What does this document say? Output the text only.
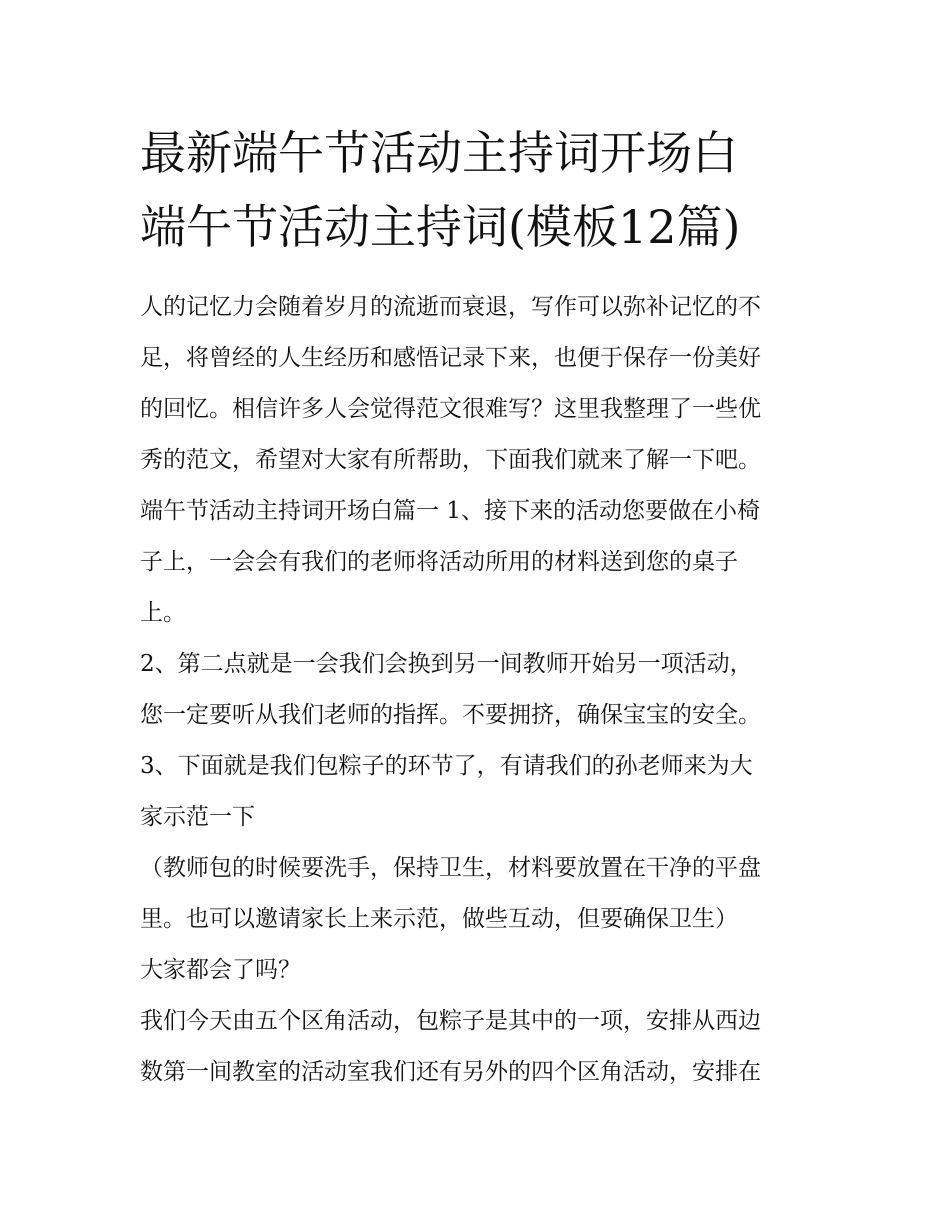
最新端午节活动主持词开场白
端午节活动主持词(模板12篇)

人的记忆力会随着岁月的流逝而衰退，写作可以弥补记忆的不
足，将曾经的人生经历和感悟记录下来，也便于保存一份美好
的回忆。相信许多人会觉得范文很难写？这里我整理了一些优
秀的范文，希望对大家有所帮助，下面我们就来了解一下吧。

端午节活动主持词开场白篇一 1、接下来的活动您要做在小椅
子上，一会会有我们的老师将活动所用的材料送到您的桌子
上。

2、第二点就是一会我们会换到另一间教师开始另一项活动，
您一定要听从我们老师的指挥。不要拥挤，确保宝宝的安全。

3、下面就是我们包粽子的环节了，有请我们的孙老师来为大
家示范一下

（教师包的时候要洗手，保持卫生，材料要放置在干净的平盘
里。也可以邀请家长上来示范，做些互动，但要确保卫生）

大家都会了吗？

我们今天由五个区角活动，包粽子是其中的一项，安排从西边
数第一间教室的活动室我们还有另外的四个区角活动，安排在
